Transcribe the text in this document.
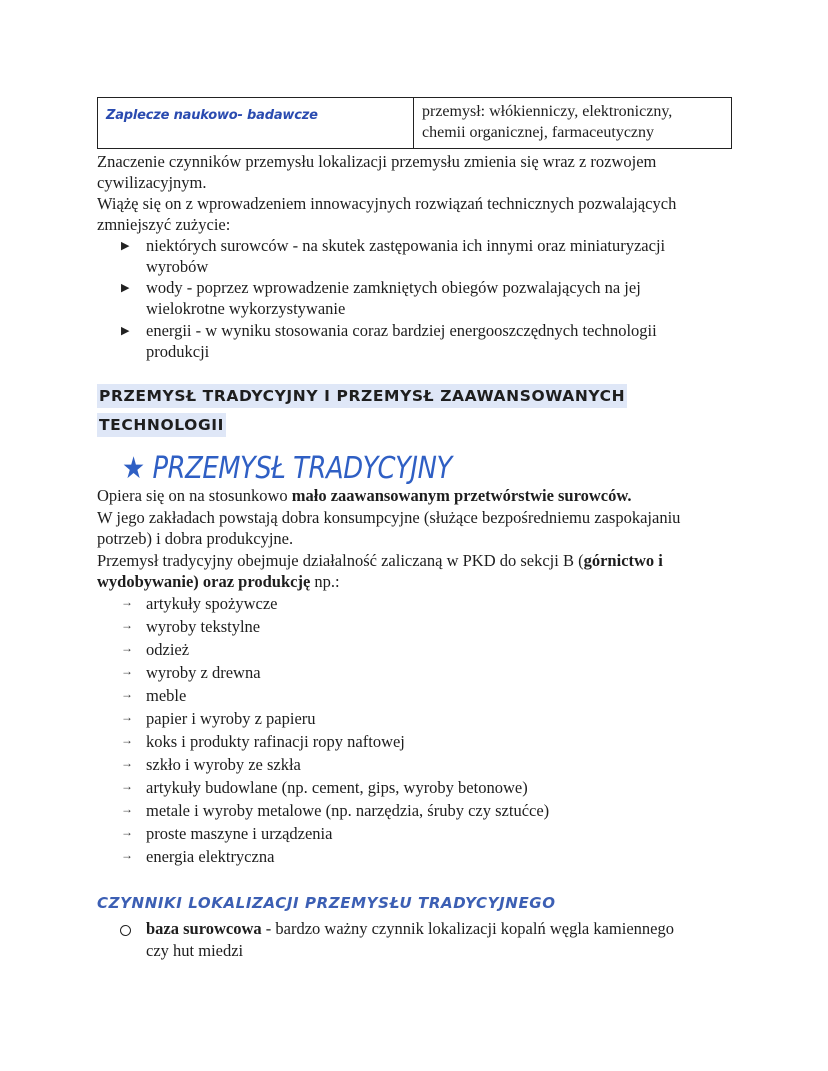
Zaplecze naukowo- badawcze	przemysł: włókienniczy, elektroniczny,
chemii organicznej, farmaceutyczny
Znaczenie czynników przemysłu lokalizacji przemysłu zmienia się wraz z rozwojem
cywilizacyjnym.
Wiążę się on z wprowadzeniem innowacyjnych rozwiązań technicznych pozwalających
zmniejszyć zużycie:
▶ niektórych surowców - na skutek zastępowania ich innymi oraz miniaturyzacji
wyrobów
▶ wody - poprzez wprowadzenie zamkniętych obiegów pozwalających na jej
wielokrotne wykorzystywanie
▶ energii - w wyniku stosowania coraz bardziej energooszczędnych technologii
produkcji
PRZEMYSŁ TRADYCYJNY I PRZEMYSŁ ZAAWANSOWANYCH
TECHNOLOGII
★ PRZEMYSŁ TRADYCYJNY
Opiera się on na stosunkowo mało zaawansowanym przetwórstwie surowców.
W jego zakładach powstają dobra konsumpcyjne (służące bezpośredniemu zaspokajaniu
potrzeb) i dobra produkcyjne.
Przemysł tradycyjny obejmuje działalność zaliczaną w PKD do sekcji B (górnictwo i
wydobywanie) oraz produkcję np.:
→ artykuły spożywcze
→ wyroby tekstylne
→ odzież
→ wyroby z drewna
→ meble
→ papier i wyroby z papieru
→ koks i produkty rafinacji ropy naftowej
→ szkło i wyroby ze szkła
→ artykuły budowlane (np. cement, gips, wyroby betonowe)
→ metale i wyroby metalowe (np. narzędzia, śruby czy sztućce)
→ proste maszyne i urządzenia
→ energia elektryczna
CZYNNIKI LOKALIZACJI PRZEMYSŁU TRADYCYJNEGO
baza surowcowa - bardzo ważny czynnik lokalizacji kopalń węgla kamiennego
czy hut miedzi
